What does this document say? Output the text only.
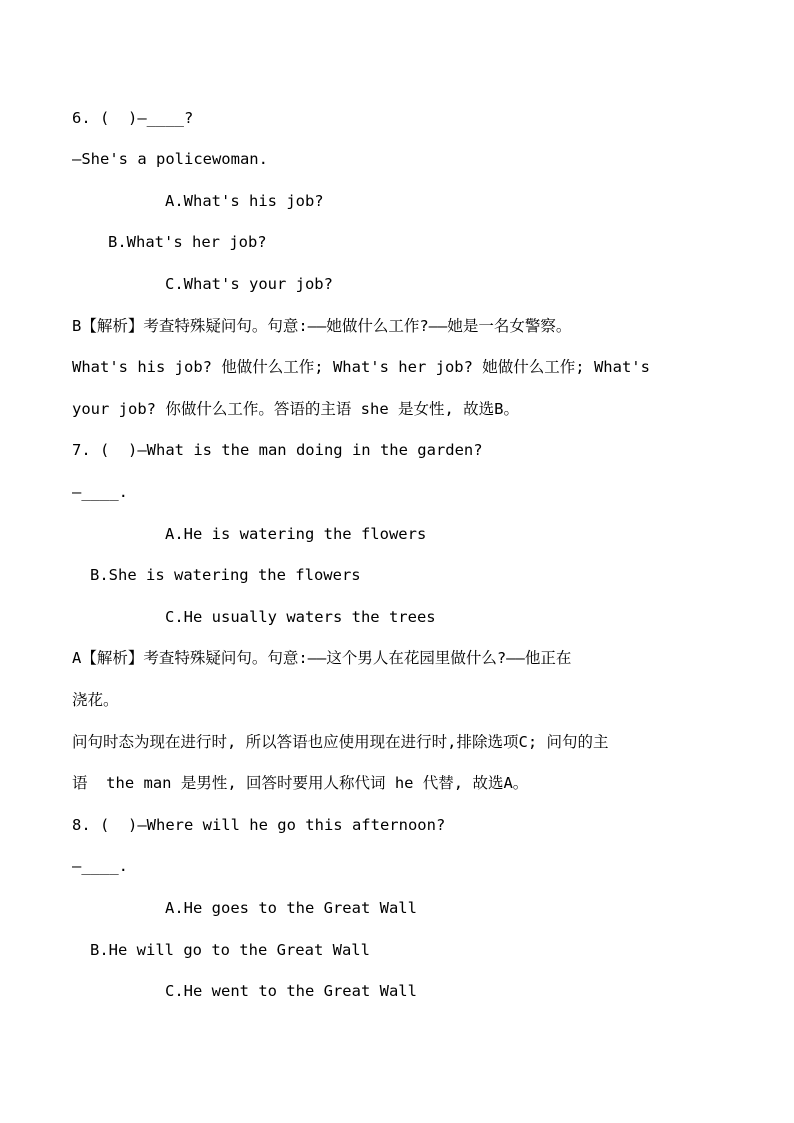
6. (  )—____?
—She's a policewoman.
A.What's his job?
B.What's her job?
C.What's your job?
B【解析】考查特殊疑问句。句意:——她做什么工作?——她是一名女警察。
What's his job? 他做什么工作; What's her job? 她做什么工作; What's
your job? 你做什么工作。答语的主语 she 是女性, 故选B。
7. (  )—What is the man doing in the garden?
—____.
A.He is watering the flowers
B.She is watering the flowers
C.He usually waters the trees
A【解析】考查特殊疑问句。句意:——这个男人在花园里做什么?——他正在
浇花。
问句时态为现在进行时, 所以答语也应使用现在进行时,排除选项C; 问句的主
语  the man 是男性, 回答时要用人称代词 he 代替, 故选A。
8. (  )—Where will he go this afternoon?
—____.
A.He goes to the Great Wall
B.He will go to the Great Wall
C.He went to the Great Wall
